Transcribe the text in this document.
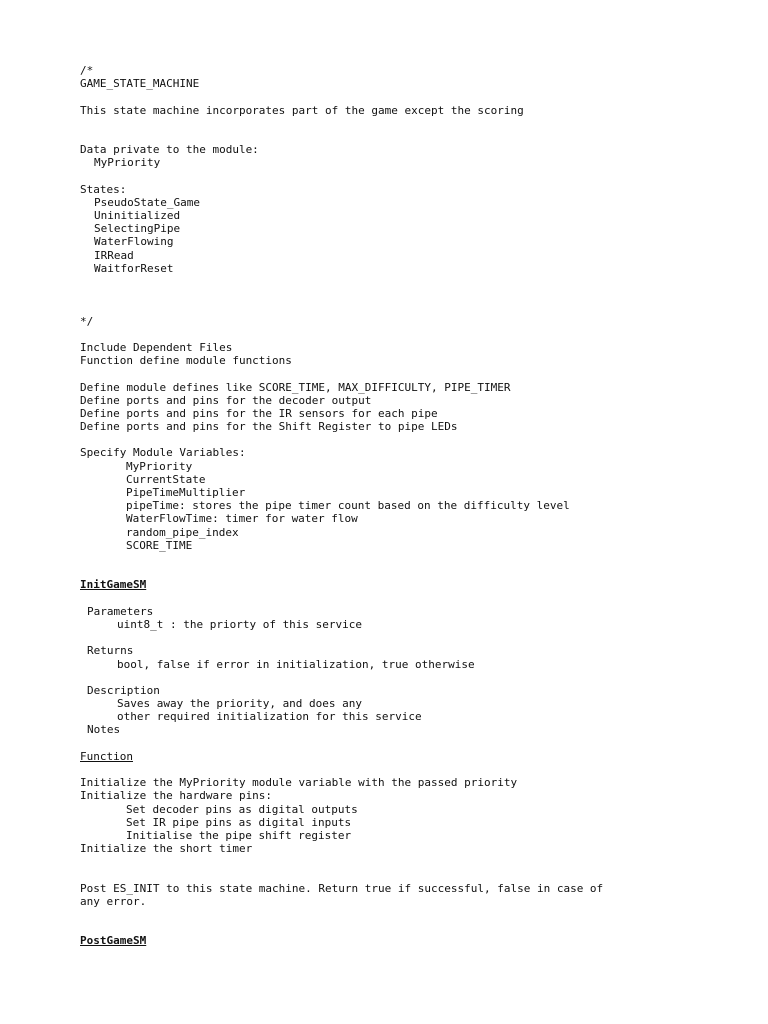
/*
GAME_STATE_MACHINE
This state machine incorporates part of the game except the scoring
Data private to the module:
MyPriority
States:
PseudoState_Game
Uninitialized
SelectingPipe
WaterFlowing
IRRead
WaitforReset
*/
Include Dependent Files
Function define module functions
Define module defines like SCORE_TIME, MAX_DIFFICULTY, PIPE_TIMER
Define ports and pins for the decoder output
Define ports and pins for the IR sensors for each pipe
Define ports and pins for the Shift Register to pipe LEDs
Specify Module Variables:
MyPriority
CurrentState
PipeTimeMultiplier
pipeTime: stores the pipe timer count based on the difficulty level
WaterFlowTime: timer for water flow
random_pipe_index
SCORE_TIME
InitGameSM
Parameters
uint8_t : the priorty of this service
Returns
bool, false if error in initialization, true otherwise
Description
Saves away the priority, and does any
other required initialization for this service
Notes
Function
Initialize the MyPriority module variable with the passed priority
Initialize the hardware pins:
Set decoder pins as digital outputs
Set IR pipe pins as digital inputs
Initialise the pipe shift register
Initialize the short timer
Post ES_INIT to this state machine. Return true if successful, false in case of
any error.
PostGameSM
